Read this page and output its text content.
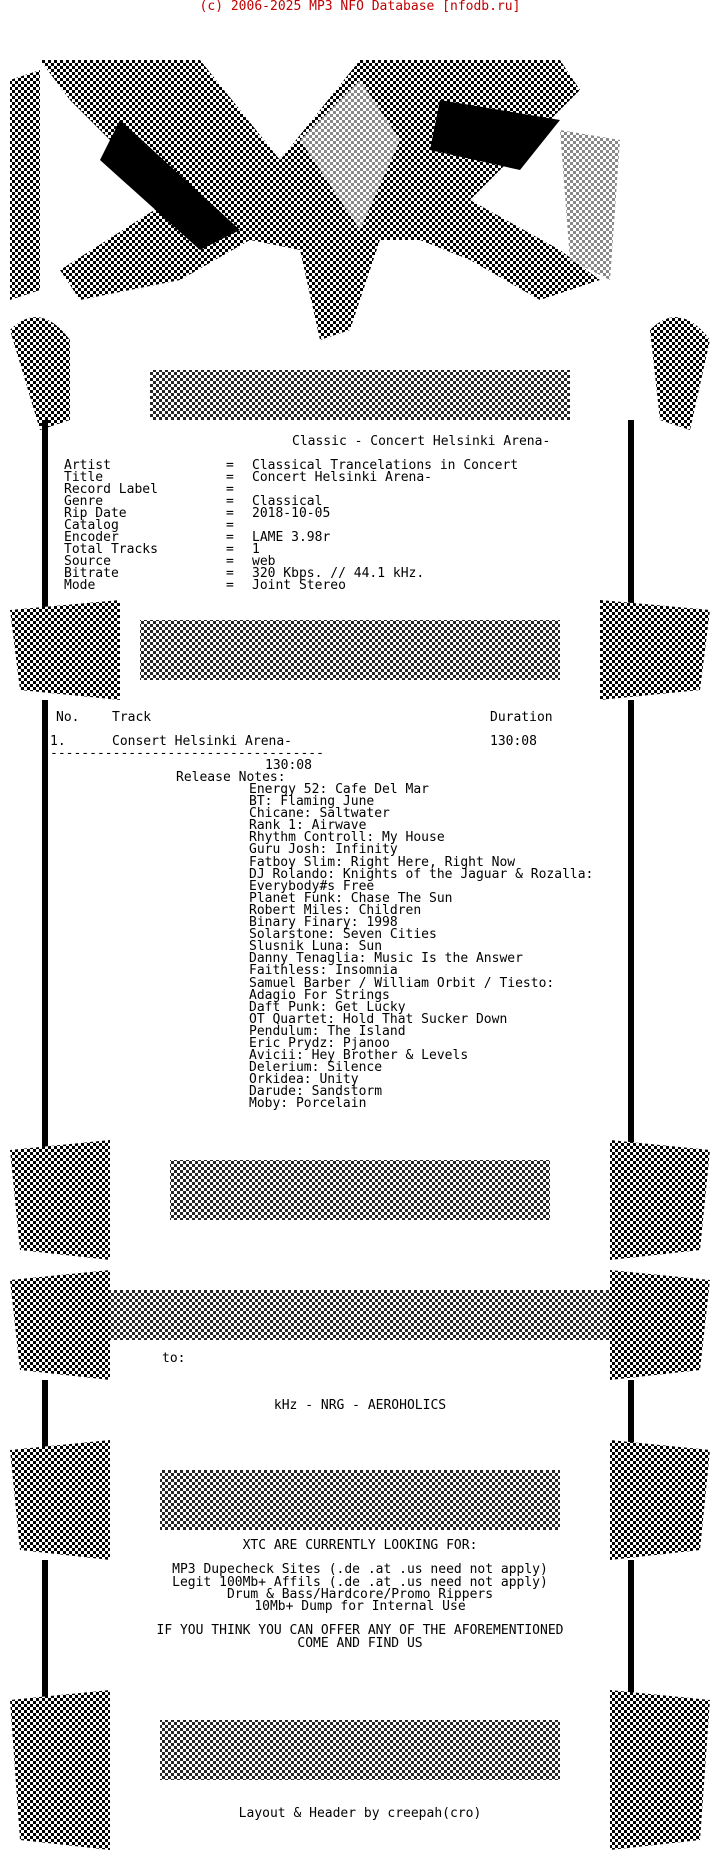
(c) 2006-2025 MP3 NFO Database [nfodb.ru]
Classic - Concert Helsinki Arena-
Artist	= Classical Trancelations in Concert
Title	= Concert Helsinki Arena-
Record Label	=
Genre	= Classical
Rip Date	= 2018-10-05
Catalog	=
Encoder	= LAME 3.98r
Total Tracks	= 1
Source	= web
Bitrate	= 320 Kbps. // 44.1 kHz.
Mode	= Joint Stereo
No.	Track	Duration
1.	Consert Helsinki Arena-	130:08
-----------------------------------
130:08
Release Notes:
Energy 52: Cafe Del Mar
BT: Flaming June
Chicane: Saltwater
Rank 1: Airwave
Rhythm Controll: My House
Guru Josh: Infinity
Fatboy Slim: Right Here, Right Now
DJ Rolando: Knights of the Jaguar & Rozalla:
Everybody#s Free
Planet Funk: Chase The Sun
Robert Miles: Children
Binary Finary: 1998
Solarstone: Seven Cities
Slusnik Luna: Sun
Danny Tenaglia: Music Is the Answer
Faithless: Insomnia
Samuel Barber / William Orbit / Tiesto:
Adagio For Strings
Daft Punk: Get Lucky
OT Quartet: Hold That Sucker Down
Pendulum: The Island
Eric Prydz: Pjanoo
Avicii: Hey Brother & Levels
Delerium: Silence
Orkidea: Unity
Darude: Sandstorm
Moby: Porcelain
to:
kHz - NRG - AEROHOLICS
XTC ARE CURRENTLY LOOKING FOR:
MP3 Dupecheck Sites (.de .at .us need not apply)
Legit 100Mb+ Affils (.de .at .us need not apply)
Drum & Bass/Hardcore/Promo Rippers
10Mb+ Dump for Internal Use
IF YOU THINK YOU CAN OFFER ANY OF THE AFOREMENTIONED
COME AND FIND US
Layout & Header by creepah(cro)
